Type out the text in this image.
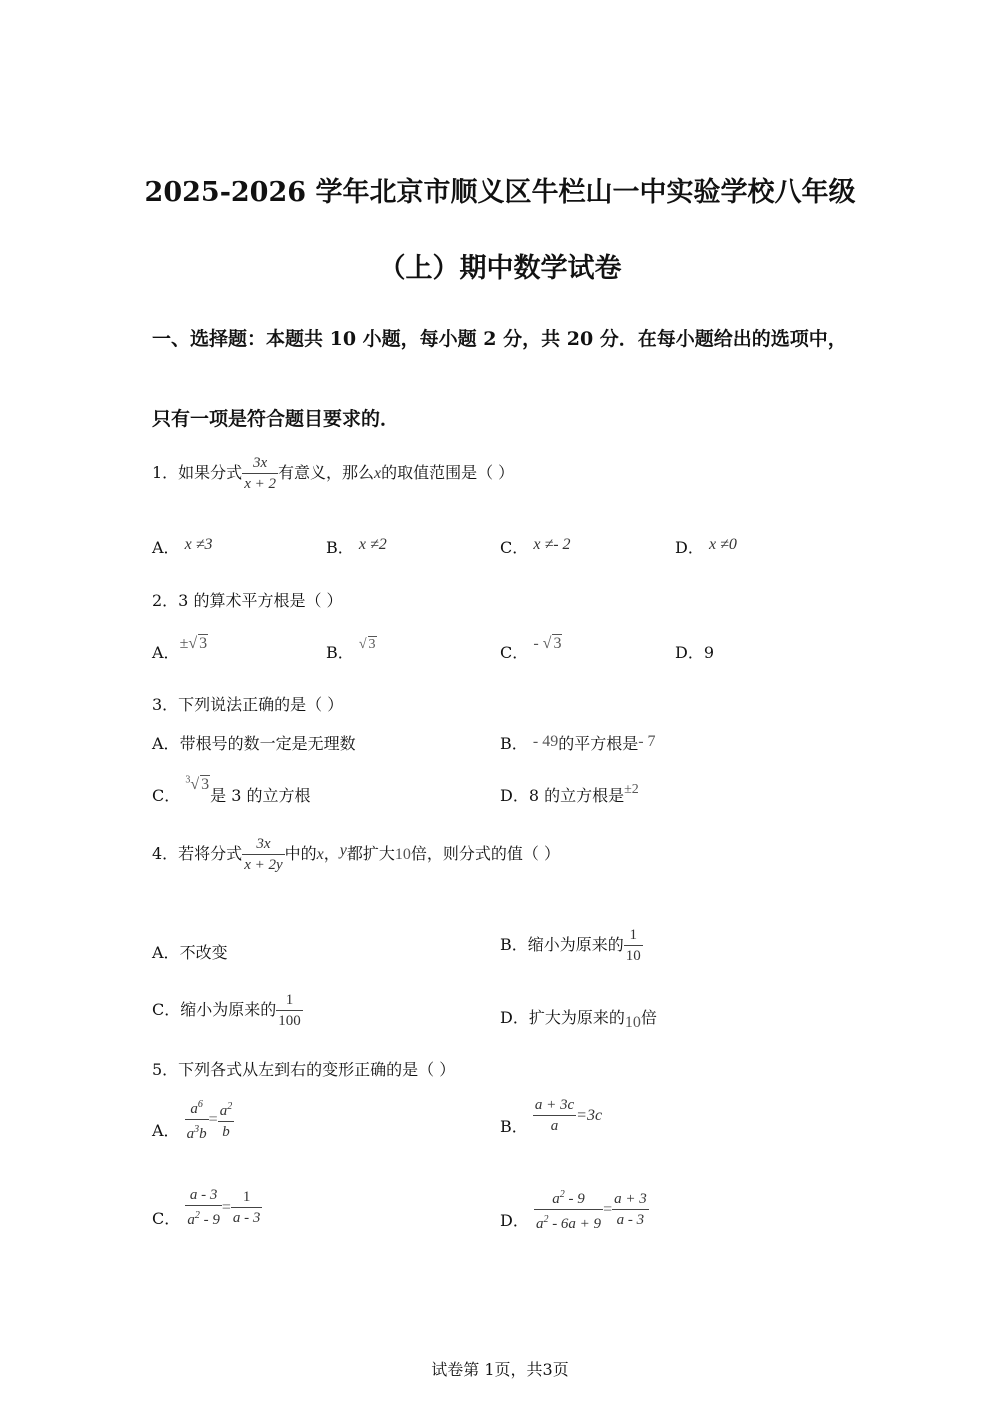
2025-2026 学年北京市顺义区牛栏山一中实验学校八年级
（上）期中数学试卷
一、选择题：本题共 10 小题，每小题 2 分，共 20 分．在每小题给出的选项中，
只有一项是符合题目要求的．
1．如果分式 $\frac{3x}{x + 2}$ 有意义，那么x的取值范围是（ ）
A． x ≠3	B． x ≠2	C． x ≠- 2	D． x ≠0
2．3 的算术平方根是（ ）
A．±√ 3	B． √ 3	C． - √ 3	D．9
3．下列说法正确的是（ ）
A．带根号的数一定是无理数	B． - 49的平方根是- 7
C． $^3$√ 3是 3 的立方根	D．8 的立方根是±2
4．若将分式 $\frac{3x}{x + 2y}$ 中的x，y都扩大10倍，则分式的值（ ）
A．不改变	B．缩小为原来的 $\frac{1}{10}$
C．缩小为原来的 $\frac{1}{100}$	D．扩大为原来的10倍
5．下列各式从左到右的变形正确的是（ ）
A． $\frac{a^6}{a^3b} = \frac{a^2}{b}$	B． $\frac{a + 3c}{a} =3c$
C． $\frac{a - 3}{a^2 - 9} = \frac{1}{a - 3}$	D． $\frac{a^2 - 9}{a^2 - 6a + 9} = \frac{a + 3}{a - 3}$
试卷第 1页，共3页
